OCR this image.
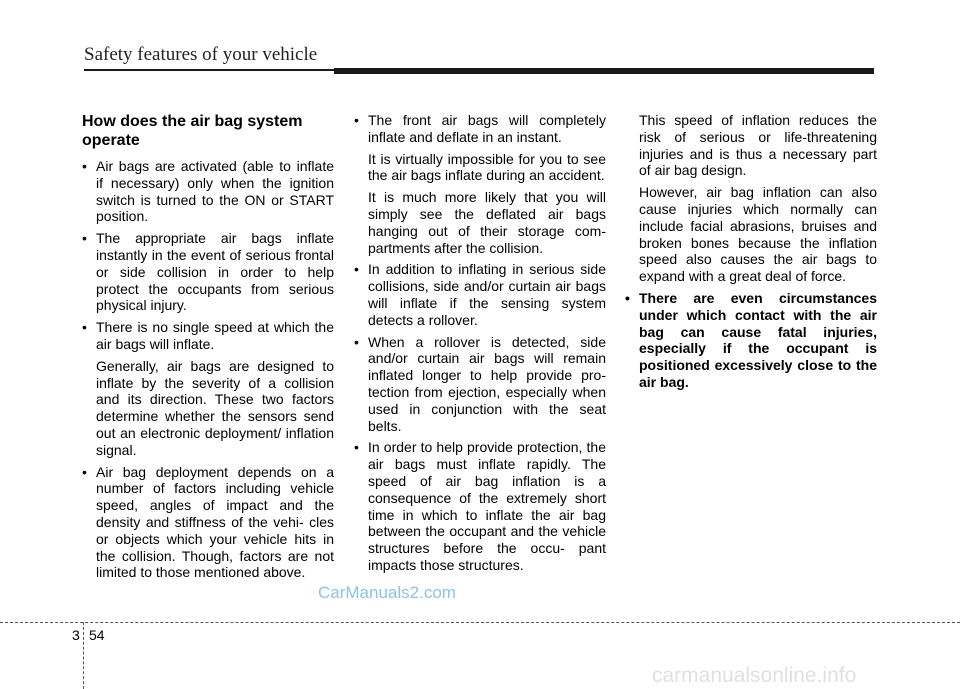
Safety features of your vehicle
How does the air bag system operate
• Air bags are activated (able to inflate if necessary) only when the ignition switch is turned to the ON or START position.
• The appropriate air bags inflate instantly in the event of serious frontal or side collision in order to help protect the occupants from serious physical injury.
• There is no single speed at which the air bags will inflate.
Generally, air bags are designed to inflate by the severity of a collision and its direction. These two factors determine whether the sensors send out an electronic deployment/ inflation signal.
• Air bag deployment depends on a number of factors including vehicle speed, angles of impact and the density and stiffness of the vehi- cles or objects which your vehicle hits in the collision. Though, factors are not limited to those mentioned above.
• The front air bags will completely inflate and deflate in an instant.
It is virtually impossible for you to see the air bags inflate during an accident.
It is much more likely that you will simply see the deflated air bags hanging out of their storage com- partments after the collision.
• In addition to inflating in serious side collisions, side and/or curtain air bags will inflate if the sensing system detects a rollover.
• When a rollover is detected, side and/or curtain air bags will remain inflated longer to help provide pro- tection from ejection, especially when used in conjunction with the seat belts.
• In order to help provide protection, the air bags must inflate rapidly. The speed of air bag inflation is a consequence of the extremely short time in which to inflate the air bag between the occupant and the vehicle structures before the occu- pant impacts those structures.
This speed of inflation reduces the risk of serious or life-threatening injuries and is thus a necessary part of air bag design.
However, air bag inflation can also cause injuries which normally can include facial abrasions, bruises and broken bones because the inflation speed also causes the air bags to expand with a great deal of force.
• There are even circumstances under which contact with the air bag can cause fatal injuries, especially if the occupant is positioned excessively close to the air bag.
CarManuals2.com
3 54
carmanualsonline.info
